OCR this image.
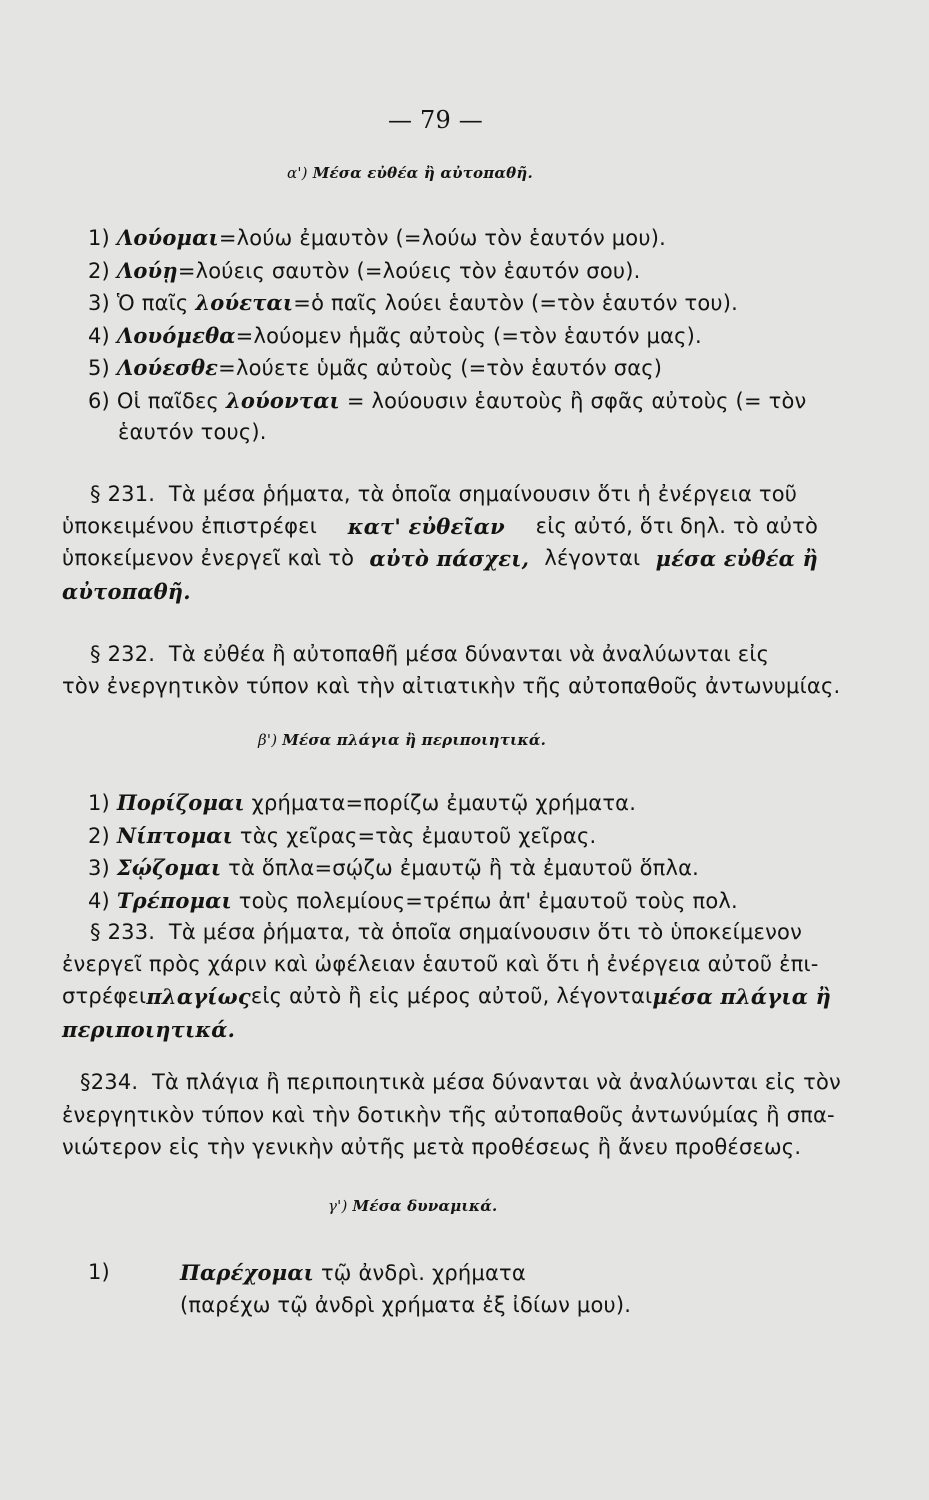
— 79 —
α') Μέσα εὐθέα ἢ αὐτοπαθῆ.
1) Λούομαι=λούω ἐμαυτὸν (=λούω τὸν ἑαυτόν μου).
2) Λούῃ=λούεις σαυτὸν (=λούεις τὸν ἑαυτόν σου).
3) Ὁ παῖς λούεται=ὁ παῖς λούει ἑαυτὸν (=τὸν ἑαυτόν του).
4) Λουόμεθα=λούομεν ἡμᾶς αὐτοὺς (=τὸν ἑαυτόν μας).
5) Λούεσθε=λούετε ὑμᾶς αὐτοὺς (=τὸν ἑαυτόν σας)
6) Οἱ παῖδες λούονται = λούουσιν ἑαυτοὺς ἢ σφᾶς αὐτοὺς (= τὸν
ἑαυτόν τους).
§ 231. Τὰ μέσα ῥήματα, τὰ ὁποῖα σημαίνουσιν ὅτι ἡ ἐνέργεια τοῦ
ὑποκειμένου ἐπιστρέφει κατ' εὐθεῖαν εἰς αὐτό, ὅτι δηλ. τὸ αὐτὸ
ὑποκείμενον ἐνεργεῖ καὶ τὸ αὐτὸ πάσχει, λέγονται μέσα εὐθέα ἢ
αὐτοπαθῆ.
§ 232. Τὰ εὐθέα ἢ αὐτοπαθῆ μέσα δύνανται νὰ ἀναλύωνται εἰς
τὸν ἐνεργητικὸν τύπον καὶ τὴν αἰτιατικὴν τῆς αὐτοπαθοῦς ἀντωνυμίας.
β') Μέσα πλάγια ἢ περιποιητικά.
1) Πορίζομαι χρήματα=πορίζω ἐμαυτῷ χρήματα.
2) Νίπτομαι τὰς χεῖρας=τὰς ἐμαυτοῦ χεῖρας.
3) Σῴζομαι τὰ ὅπλα=σῴζω ἐμαυτῷ ἢ τὰ ἐμαυτοῦ ὅπλα.
4) Τρέπομαι τοὺς πολεμίους=τρέπω ἀπ' ἐμαυτοῦ τοὺς πολ.
§ 233. Τὰ μέσα ῥήματα, τὰ ὁποῖα σημαίνουσιν ὅτι τὸ ὑποκείμενον
ἐνεργεῖ πρὸς χάριν καὶ ὠφέλειαν ἑαυτοῦ καὶ ὅτι ἡ ἐνέργεια αὐτοῦ ἐπι-
στρέφει πλαγίως εἰς αὐτὸ ἢ εἰς μέρος αὐτοῦ, λέγονται μέσα πλάγια ἢ
περιποιητικά.
§234. Τὰ πλάγια ἢ περιποιητικὰ μέσα δύνανται νὰ ἀναλύωνται εἰς τὸν
ἐνεργητικὸν τύπον καὶ τὴν δοτικὴν τῆς αὐτοπαθοῦς ἀντωνύμίας ἢ σπα-
νιώτερον εἰς τὴν γενικὴν αὐτῆς μετὰ προθέσεως ἢ ἄνευ προθέσεως.
γ') Μέσα δυναμικά.
1)	Παρέχομαι τῷ ἀνδρὶ. χρήματα
(παρέχω τῷ ἀνδρὶ χρήματα ἐξ ἰδίων μου).
